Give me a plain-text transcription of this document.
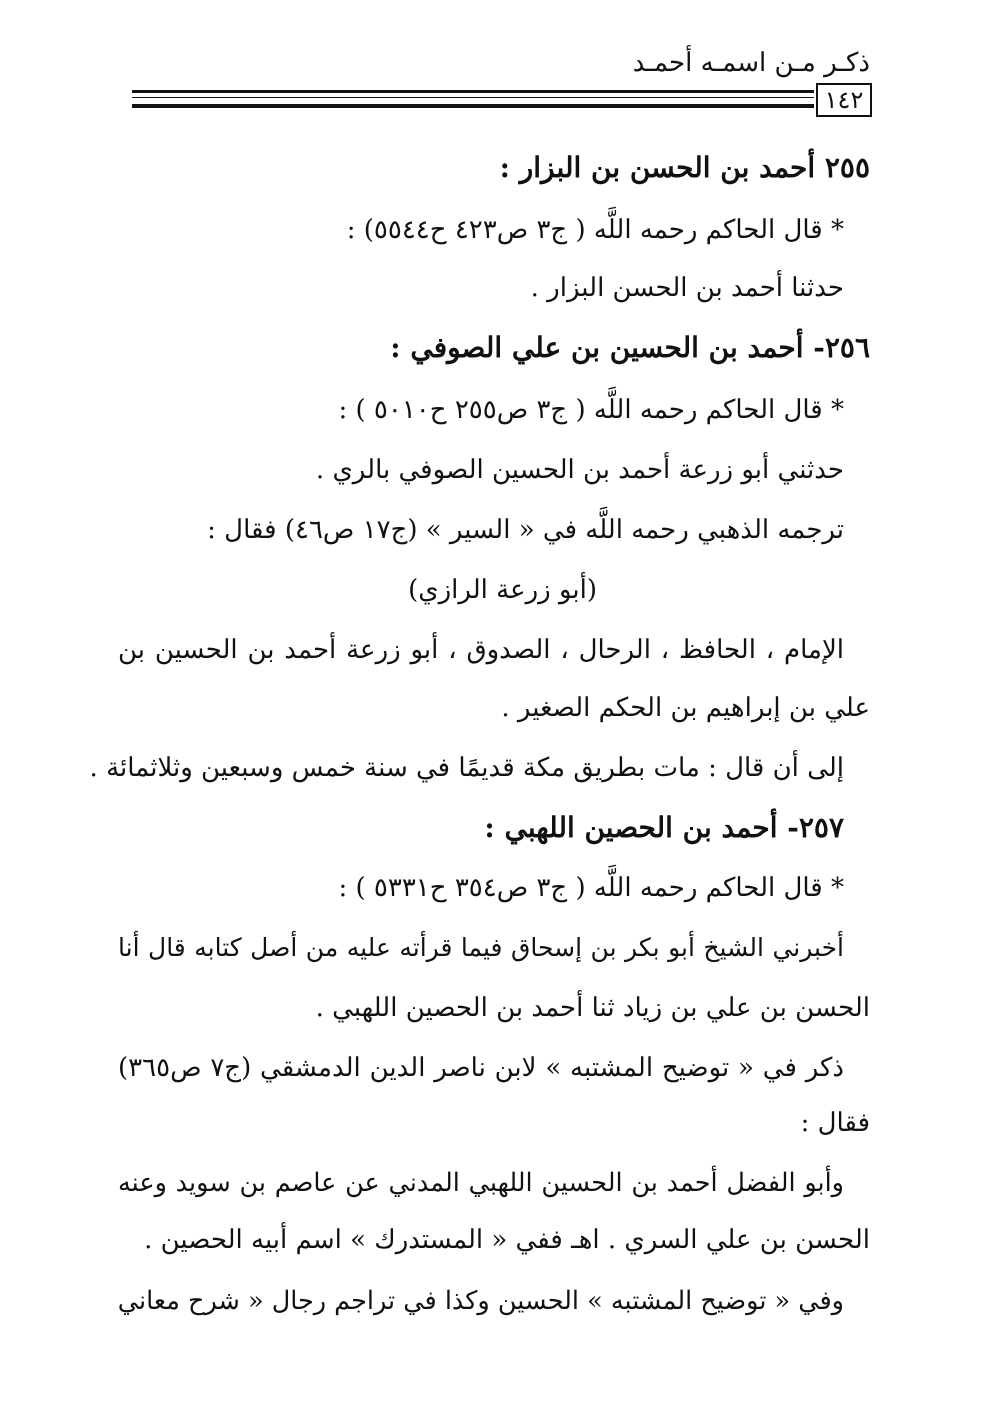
ذكـر مـن اسمـه أحمـد
١٤٢
٢٥٥ أحمد بن الحسن بن البزار :
* قال الحاكم رحمه اللَّه ( ج٣ ص٤٢٣ ح٥٥٤٤) :
حدثنا أحمد بن الحسن البزار .
٢٥٦- أحمد بن الحسين بن علي الصوفي :
* قال الحاكم رحمه اللَّه ( ج٣ ص٢٥٥ ح٥٠١٠ ) :
حدثني أبو زرعة أحمد بن الحسين الصوفي بالري .
ترجمه الذهبي رحمه اللَّه في « السير » (ج١٧ ص٤٦) فقال :
(أبو زرعة الرازي)
الإمام ، الحافظ ، الرحال ، الصدوق ، أبو زرعة أحمد بن الحسين بن
علي بن إبراهيم بن الحكم الصغير .
إلى أن قال : مات بطريق مكة قديمًا في سنة خمس وسبعين وثلاثمائة .
٢٥٧- أحمد بن الحصين اللهبي :
* قال الحاكم رحمه اللَّه ( ج٣ ص٣٥٤ ح٥٣٣١ ) :
أخبرني الشيخ أبو بكر بن إسحاق فيما قرأته عليه من أصل كتابه قال أنا
الحسن بن علي بن زياد ثنا أحمد بن الحصين اللهبي .
ذكر في « توضيح المشتبه » لابن ناصر الدين الدمشقي (ج٧ ص٣٦٥)
فقال :
وأبو الفضل أحمد بن الحسين اللهبي المدني عن عاصم بن سويد وعنه
الحسن بن علي السري . اهـ ففي « المستدرك » اسم أبيه الحصين .
وفي « توضيح المشتبه » الحسين وكذا في تراجم رجال « شرح معاني
